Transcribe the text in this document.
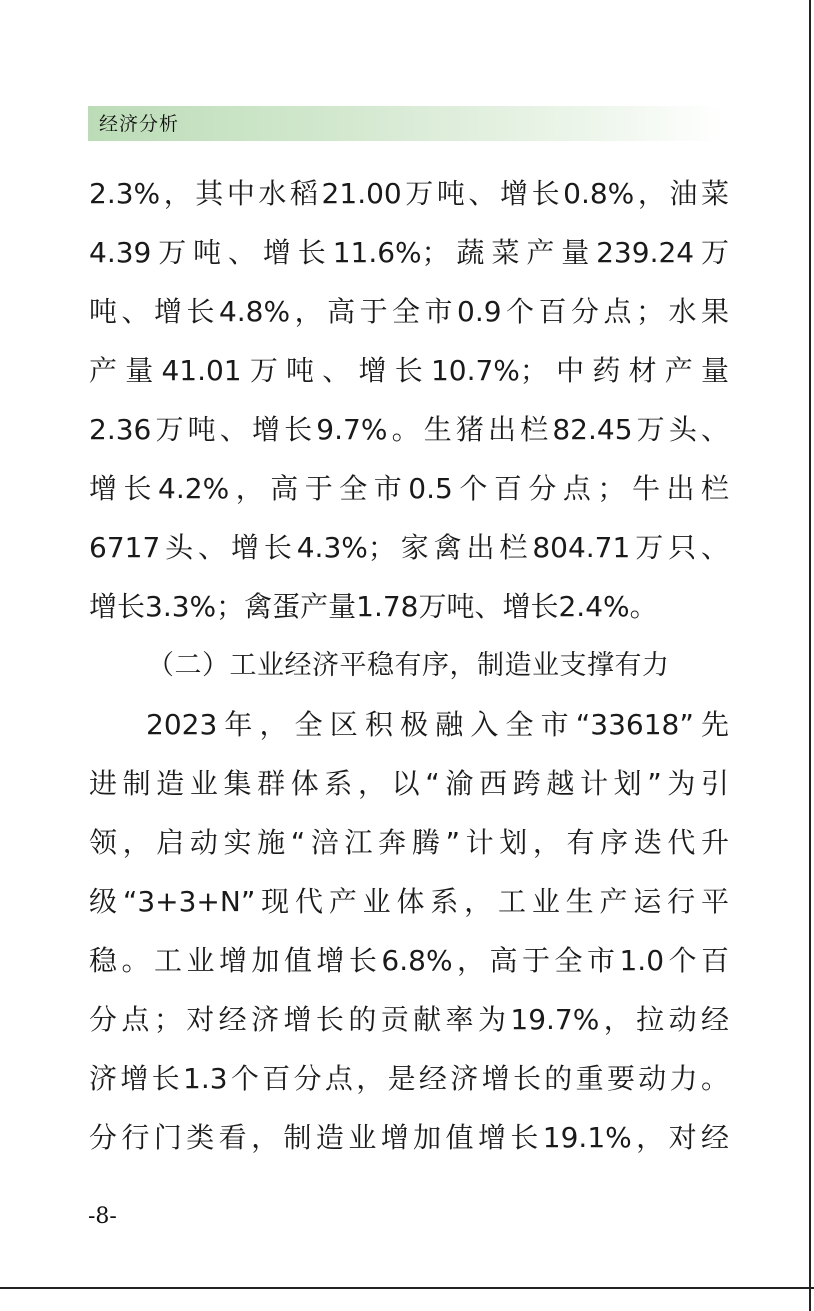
经济分析
2.3%，其中水稻21.00万吨、增长0.8%，油菜
4.39万吨、增长11.6%；蔬菜产量239.24万
吨、增长4.8%，高于全市0.9个百分点；水果
产量41.01万吨、增长10.7%；中药材产量
2.36万吨、增长9.7%。生猪出栏82.45万头、
增长4.2%，高于全市0.5个百分点；牛出栏
6717头、增长4.3%；家禽出栏804.71万只、
增长3.3%；禽蛋产量1.78万吨、增长2.4%。
（二）工业经济平稳有序，制造业支撑有力
2023年，全区积极融入全市“33618”先
进制造业集群体系，以“渝西跨越计划”为引
领，启动实施“涪江奔腾”计划，有序迭代升
级“3+3+N”现代产业体系，工业生产运行平
稳。工业增加值增长6.8%，高于全市1.0个百
分点；对经济增长的贡献率为19.7%，拉动经
济增长1.3个百分点，是经济增长的重要动力。
分行门类看，制造业增加值增长19.1%，对经
-8-
